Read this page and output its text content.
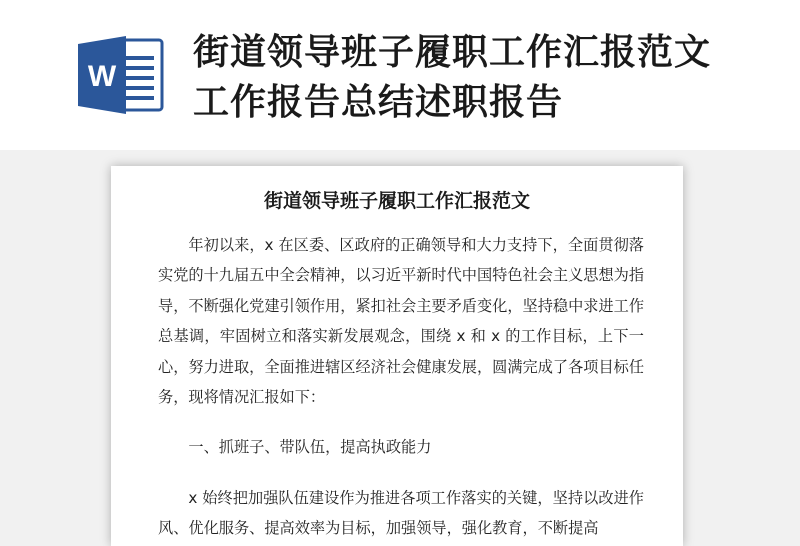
W
街道领导班子履职工作汇报范文
工作报告总结述职报告
街道领导班子履职工作汇报范文

年初以来，x 在区委、区政府的正确领导和大力支持下，全面贯彻落实党的十九届五中全会精神，以习近平新时代中国特色社会主义思想为指导，不断强化党建引领作用，紧扣社会主要矛盾变化，坚持稳中求进工作总基调，牢固树立和落实新发展观念，围绕 x 和 x 的工作目标，上下一心，努力进取，全面推进辖区经济社会健康发展，圆满完成了各项目标任务，现将情况汇报如下：

一、抓班子、带队伍，提高执政能力

x 始终把加强队伍建设作为推进各项工作落实的关键，坚持以改进作风、优化服务、提高效率为目标，加强领导，强化教育，不断提高
